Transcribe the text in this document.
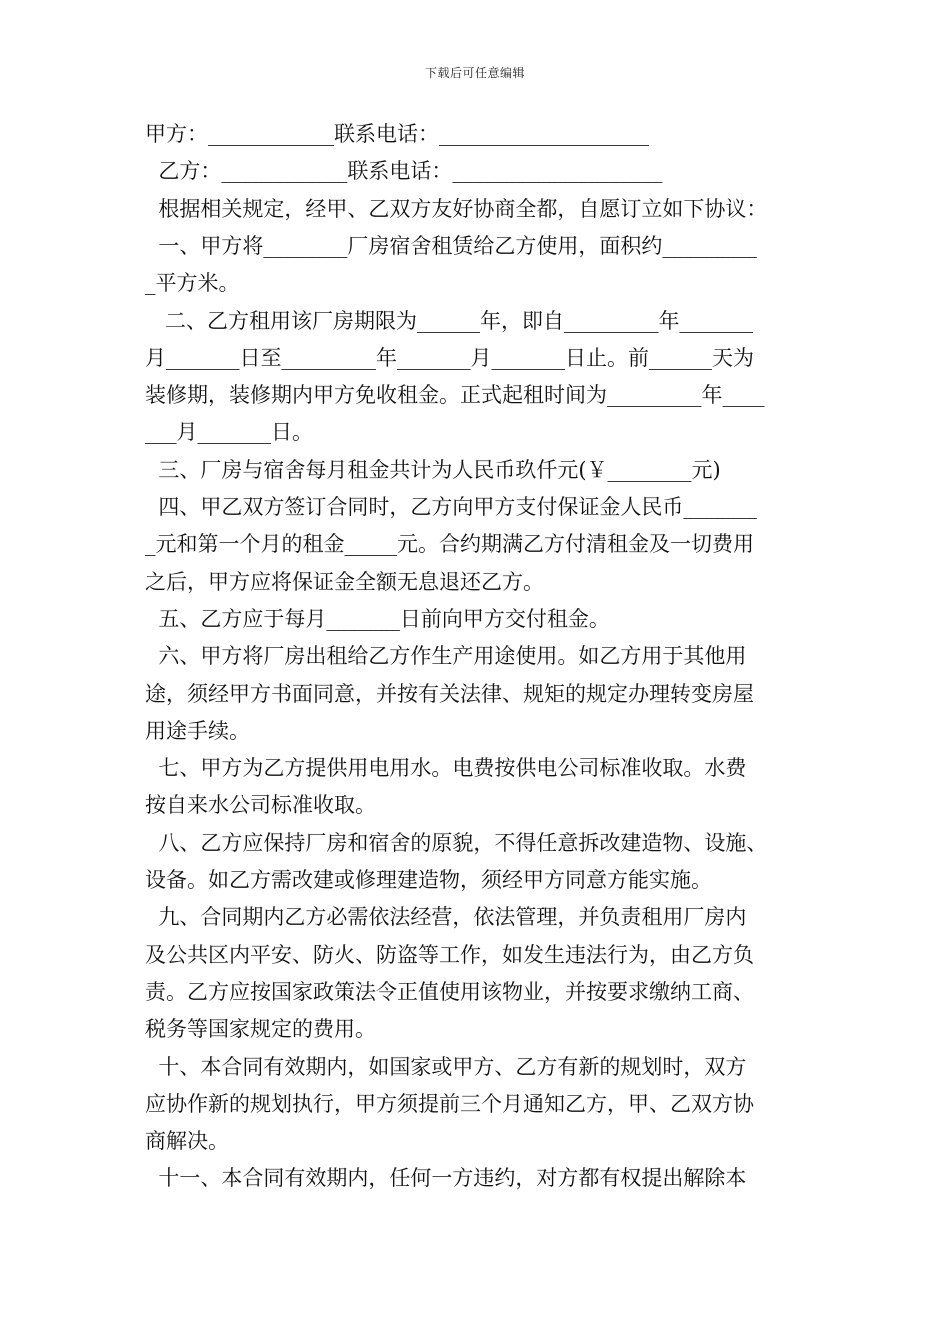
下载后可任意编辑
甲方：____________联系电话：____________________
乙方：____________联系电话：____________________
根据相关规定，经甲、乙双方友好协商全都，自愿订立如下协议：
一、甲方将________厂房宿舍租赁给乙方使用，面积约_________
_平方米。
二、乙方租用该厂房期限为______年，即自_________年_______
月_______日至_________年_______月_______日止。前______天为
装修期，装修期内甲方免收租金。正式起租时间为_________年____
___月_______日。
三、厂房与宿舍每月租金共计为人民币玖仟元(￥________元)
四、甲乙双方签订合同时，乙方向甲方支付保证金人民币_______
_元和第一个月的租金_____元。合约期满乙方付清租金及一切费用
之后，甲方应将保证金全额无息退还乙方。
五、乙方应于每月_______日前向甲方交付租金。
六、甲方将厂房出租给乙方作生产用途使用。如乙方用于其他用
途，须经甲方书面同意，并按有关法律、规矩的规定办理转变房屋
用途手续。
七、甲方为乙方提供用电用水。电费按供电公司标准收取。水费
按自来水公司标准收取。
八、乙方应保持厂房和宿舍的原貌，不得任意拆改建造物、设施、
设备。如乙方需改建或修理建造物，须经甲方同意方能实施。
九、合同期内乙方必需依法经营，依法管理，并负责租用厂房内
及公共区内平安、防火、防盗等工作，如发生违法行为，由乙方负
责。乙方应按国家政策法令正值使用该物业，并按要求缴纳工商、
税务等国家规定的费用。
十、本合同有效期内，如国家或甲方、乙方有新的规划时，双方
应协作新的规划执行，甲方须提前三个月通知乙方，甲、乙双方协
商解决。
十一、本合同有效期内，任何一方违约，对方都有权提出解除本
